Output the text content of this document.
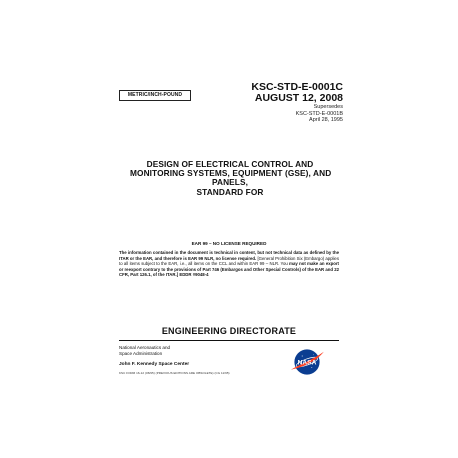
METRIC/INCH-POUND
KSC-STD-E-0001C
AUGUST 12, 2008
Supersedes
KSC-STD-E-0001B
April 28, 1995
DESIGN OF ELECTRICAL CONTROL AND
MONITORING SYSTEMS, EQUIPMENT (GSE), AND
PANELS,
STANDARD FOR
EAR 99 – NO LICENSE REQUIRED
The information contained in the document is technical in content, but not technical data as defined by the ITAR or the EAR, and therefore is EAR 99 NLR, no license required. [General Prohibition Six (Embargo) applies to all items subject to the EAR, i.e., all items on the CCL and within EAR 99 – NLR. You may not make an export or reexport contrary to the provisions of Part 746 (Embargos and Other Special Controls) of the EAR and 22 CFR, Part 126.1, of the ITAR.] EDDR #9048-4
ENGINEERING DIRECTORATE
National Aeronautics and
Space Administration
John F. Kennedy Space Center
KSC FORM 16-12 (06/95) (PREVIOUS EDITIONS ARE OBSOLETE) (CG 11/95)
NASA
